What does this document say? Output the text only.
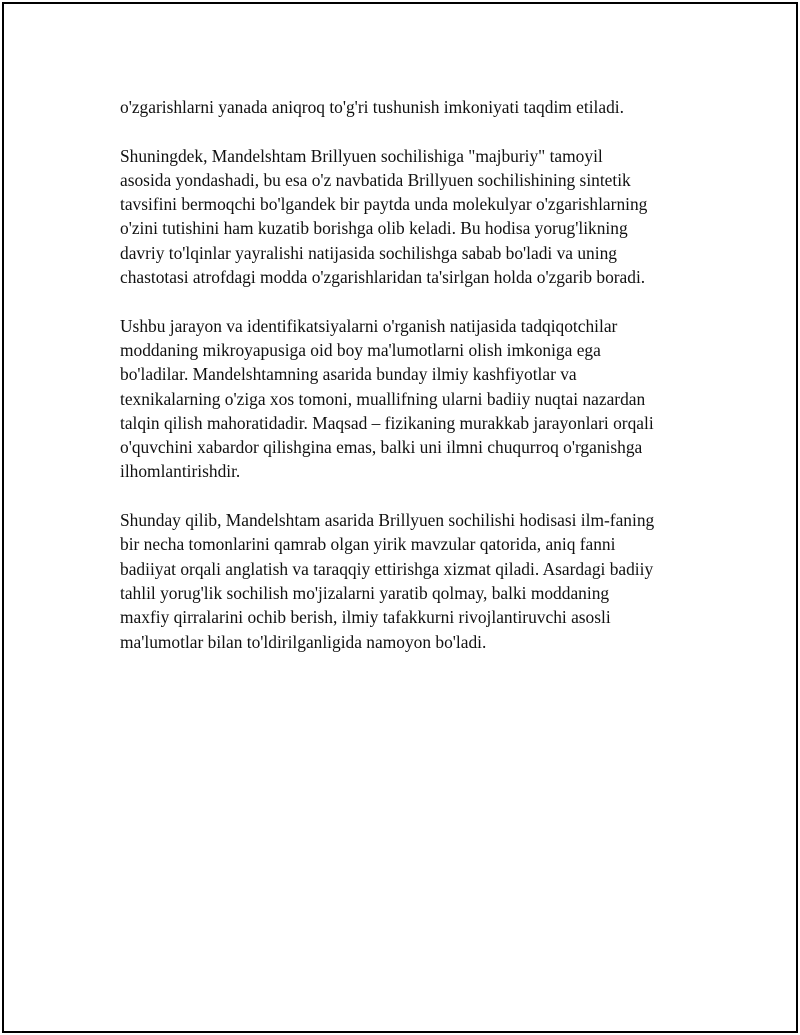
o'zgarishlarni yanada aniqroq to'g'ri tushunish imkoniyati taqdim etiladi.

Shuningdek, Mandelshtam Brillyuen sochilishiga "majburiy" tamoyil
asosida yondashadi, bu esa o'z navbatida Brillyuen sochilishining sintetik
tavsifini bermoqchi bo'lgandek bir paytda unda molekulyar o'zgarishlarning
o'zini tutishini ham kuzatib borishga olib keladi. Bu hodisa yorug'likning
davriy to'lqinlar yayralishi natijasida sochilishga sabab bo'ladi va uning
chastotasi atrofdagi modda o'zgarishlaridan ta'sirlgan holda o'zgarib boradi.

Ushbu jarayon va identifikatsiyalarni o'rganish natijasida tadqiqotchilar
moddaning mikroyapusiga oid boy ma'lumotlarni olish imkoniga ega
bo'ladilar. Mandelshtamning asarida bunday ilmiy kashfiyotlar va
texnikalarning o'ziga xos tomoni, muallifning ularni badiiy nuqtai nazardan
talqin qilish mahoratidadir. Maqsad – fizikaning murakkab jarayonlari orqali
o'quvchini xabardor qilishgina emas, balki uni ilmni chuqurroq o'rganishga
ilhomlantirishdir.

Shunday qilib, Mandelshtam asarida Brillyuen sochilishi hodisasi ilm-faning
bir necha tomonlarini qamrab olgan yirik mavzular qatorida, aniq fanni
badiiyat orqali anglatish va taraqqiy ettirishga xizmat qiladi. Asardagi badiiy
tahlil yorug'lik sochilish mo'jizalarni yaratib qolmay, balki moddaning
maxfiy qirralarini ochib berish, ilmiy tafakkurni rivojlantiruvchi asosli
ma'lumotlar bilan to'ldirilganligida namoyon bo'ladi.
